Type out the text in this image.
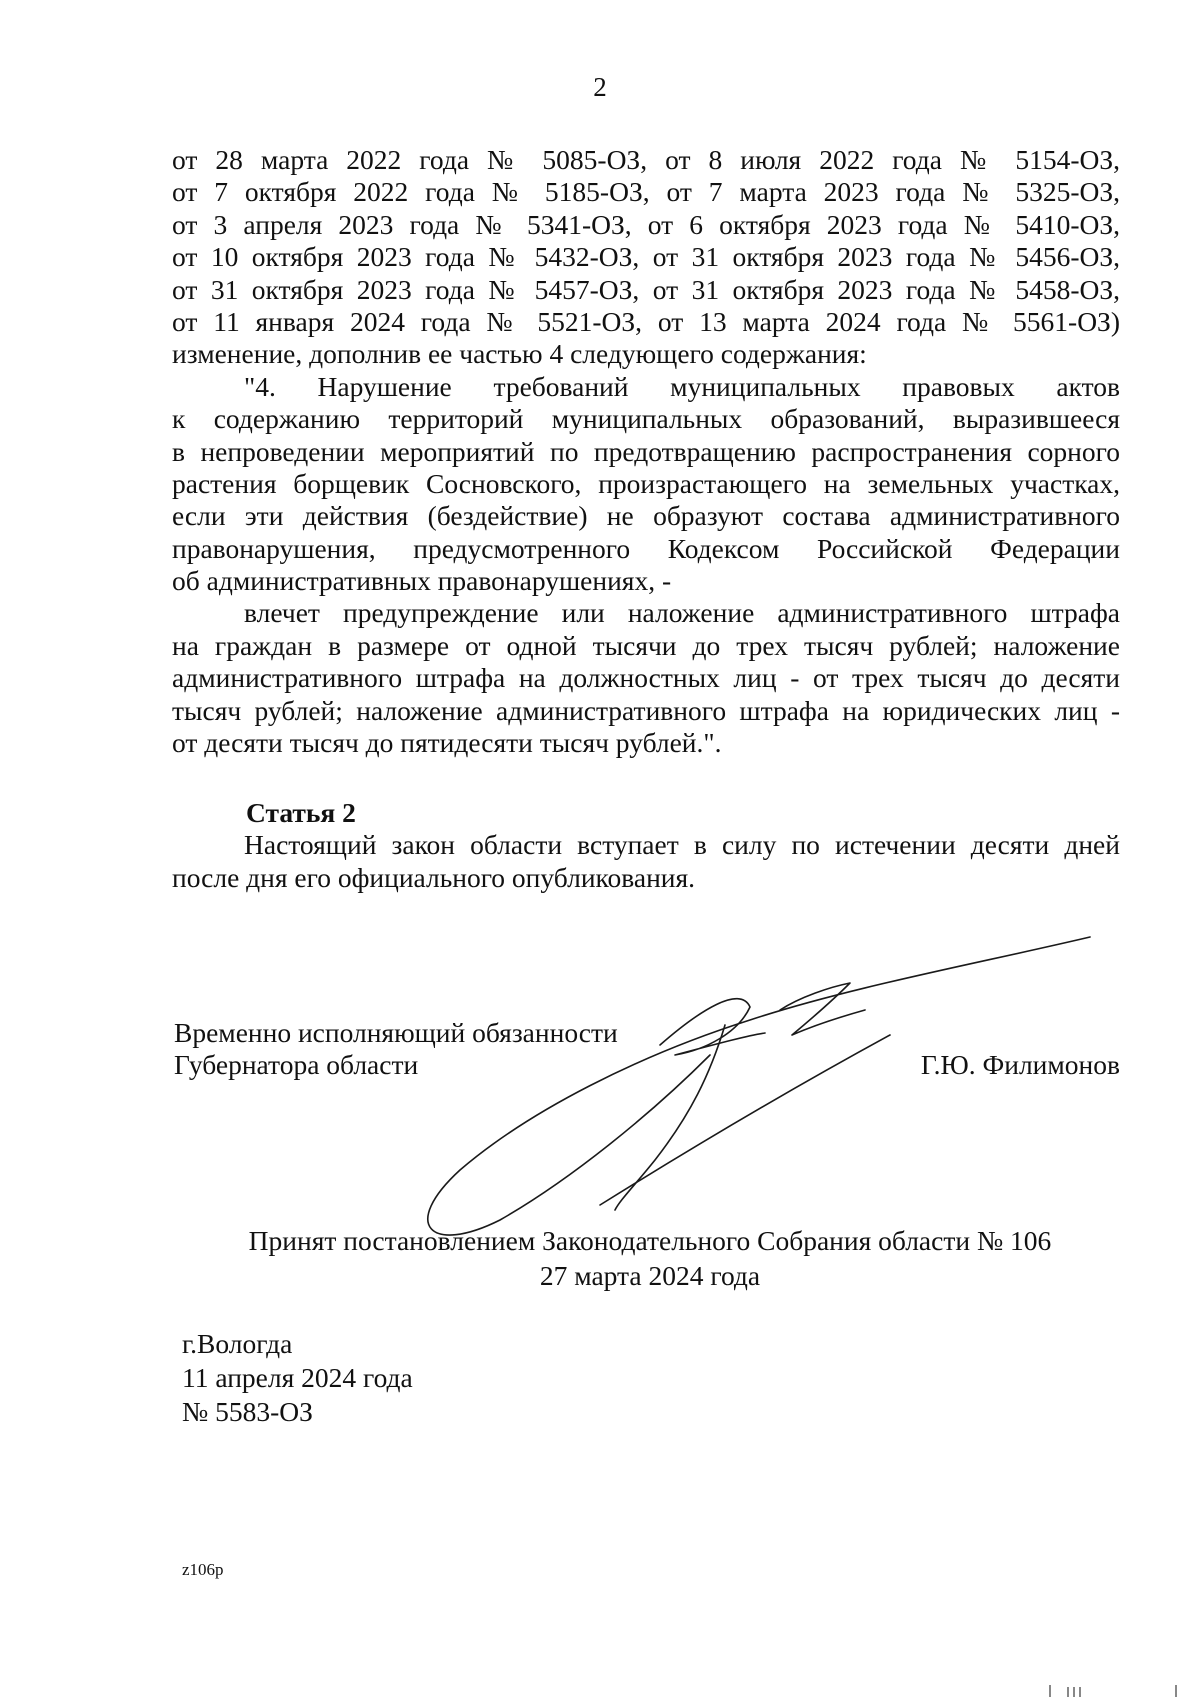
2
от 28 марта 2022 года № 5085-ОЗ, от 8 июля 2022 года № 5154-ОЗ,
от 7 октября 2022 года № 5185-ОЗ, от 7 марта 2023 года № 5325-ОЗ,
от 3 апреля 2023 года № 5341-ОЗ, от 6 октября 2023 года № 5410-ОЗ,
от 10 октября 2023 года № 5432-ОЗ, от 31 октября 2023 года № 5456-ОЗ,
от 31 октября 2023 года № 5457-ОЗ, от 31 октября 2023 года № 5458-ОЗ,
от 11 января 2024 года № 5521-ОЗ, от 13 марта 2024 года № 5561-ОЗ)
изменение, дополнив ее частью 4 следующего содержания:
"4. Нарушение требований муниципальных правовых актов
к содержанию территорий муниципальных образований, выразившееся
в непроведении мероприятий по предотвращению распространения сорного
растения борщевик Сосновского, произрастающего на земельных участках,
если эти действия (бездействие) не образуют состава административного
правонарушения, предусмотренного Кодексом Российской Федерации
об административных правонарушениях, -
влечет предупреждение или наложение административного штрафа
на граждан в размере от одной тысячи до трех тысяч рублей; наложение
административного штрафа на должностных лиц - от трех тысяч до десяти
тысяч рублей; наложение административного штрафа на юридических лиц -
от десяти тысяч до пятидесяти тысяч рублей.".
Статья 2
Настоящий закон области вступает в силу по истечении десяти дней
после дня его официального опубликования.
Временно исполняющий обязанности
Губернатора области	Г.Ю. Филимонов
Принят постановлением Законодательного Собрания области № 106
27 марта 2024 года
г.Вологда
11 апреля 2024 года
№ 5583-ОЗ
z106p
